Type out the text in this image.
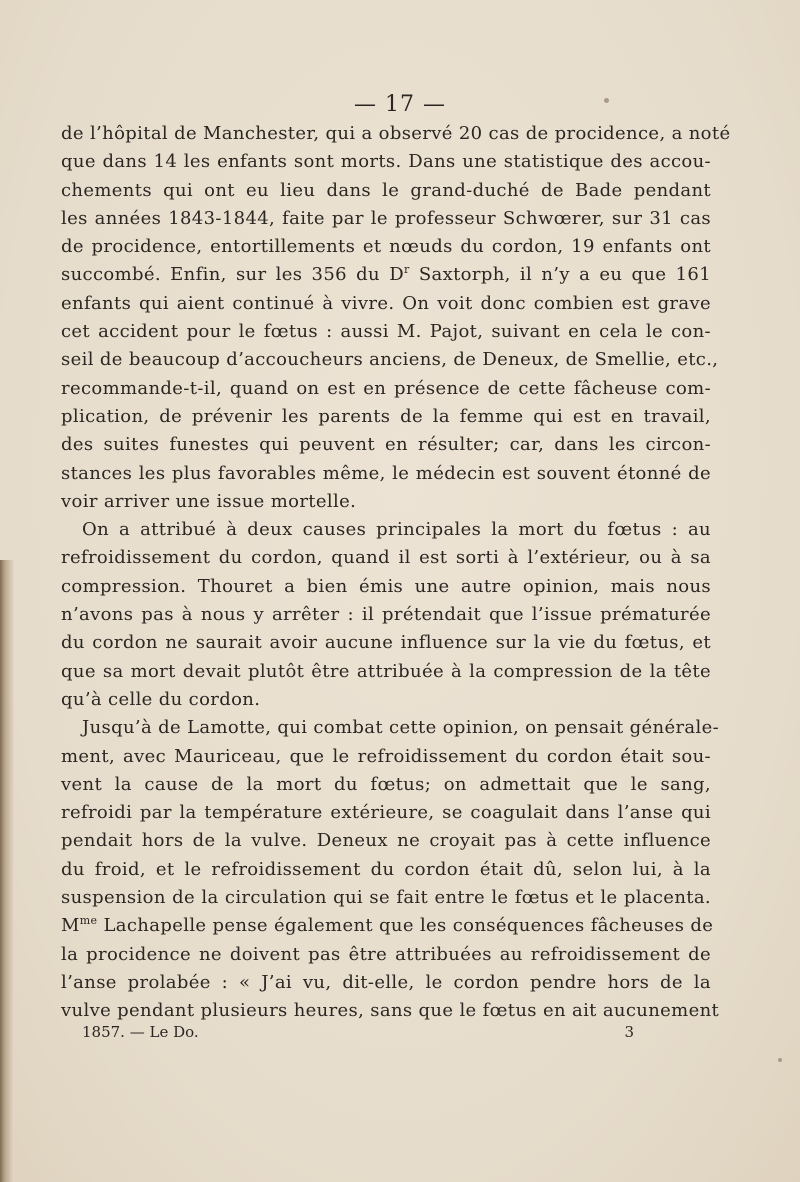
— 17 —
de l’hôpital de Manchester, qui a observé 20 cas de procidence, a noté
que dans 14 les enfants sont morts. Dans une statistique des accou-
chements qui ont eu lieu dans le grand-duché de Bade pendant
les années 1843-1844, faite par le professeur Schwœrer, sur 31 cas
de procidence, entortillements et nœuds du cordon, 19 enfants ont
succombé. Enfin, sur les 356 du $D^r$ Saxtorph, il n’y a eu que 161
enfants qui aient continué à vivre. On voit donc combien est grave
cet accident pour le fœtus : aussi M. Pajot, suivant en cela le con-
seil de beaucoup d’accoucheurs anciens, de Deneux, de Smellie, etc.,
recommande-t-il, quand on est en présence de cette fâcheuse com-
plication, de prévenir les parents de la femme qui est en travail,
des suites funestes qui peuvent en résulter; car, dans les circon-
stances les plus favorables même, le médecin est souvent étonné de
voir arriver une issue mortelle.
On a attribué à deux causes principales la mort du fœtus : au
refroidissement du cordon, quand il est sorti à l’extérieur, ou à sa
compression. Thouret a bien émis une autre opinion, mais nous
n’avons pas à nous y arrêter : il prétendait que l’issue prématurée
du cordon ne saurait avoir aucune influence sur la vie du fœtus, et
que sa mort devait plutôt être attribuée à la compression de la tête
qu’à celle du cordon.
Jusqu’à de Lamotte, qui combat cette opinion, on pensait générale-
ment, avec Mauriceau, que le refroidissement du cordon était sou-
vent la cause de la mort du fœtus; on admettait que le sang,
refroidi par la température extérieure, se coagulait dans l’anse qui
pendait hors de la vulve. Deneux ne croyait pas à cette influence
du froid, et le refroidissement du cordon était dû, selon lui, à la
suspension de la circulation qui se fait entre le fœtus et le placenta.
$M^{me}$ Lachapelle pense également que les conséquences fâcheuses de
la procidence ne doivent pas être attribuées au refroidissement de
l’anse prolabée : « J’ai vu, dit-elle, le cordon pendre hors de la
vulve pendant plusieurs heures, sans que le fœtus en ait aucunement
1857. — Le Do.	3
